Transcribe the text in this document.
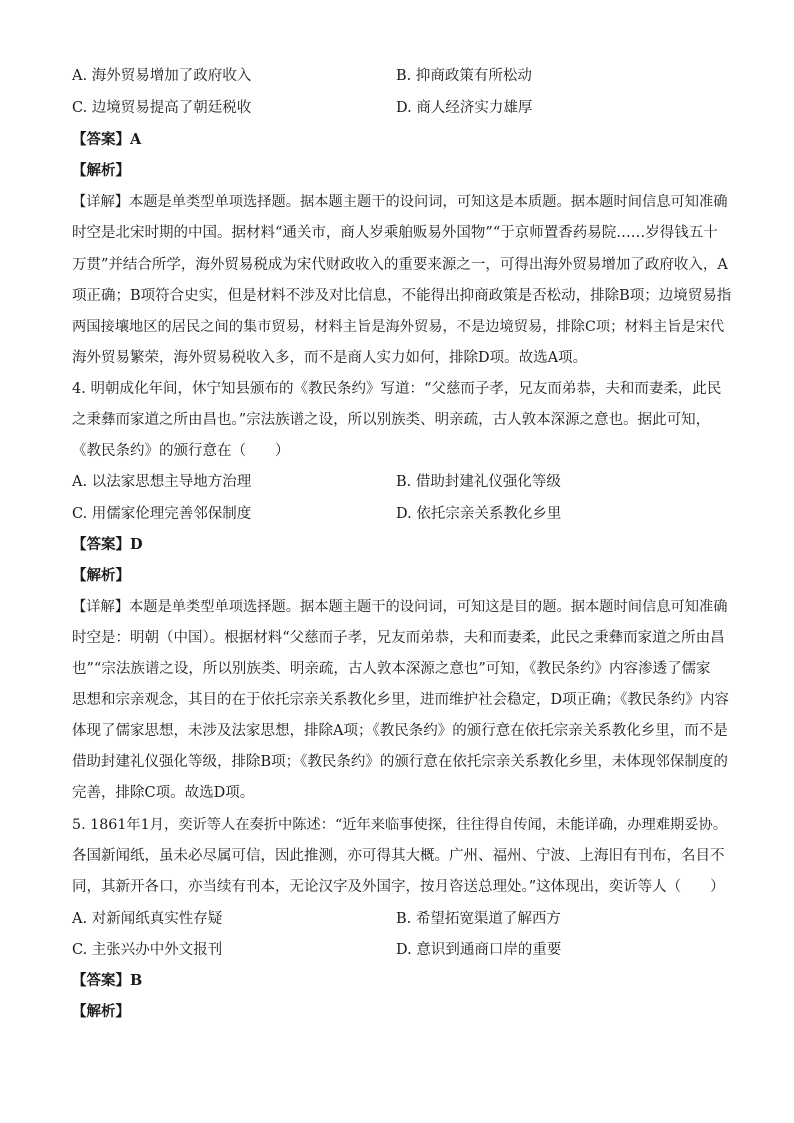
A. 海外贸易增加了政府收入	B. 抑商政策有所松动
C. 边境贸易提高了朝廷税收	D. 商人经济实力雄厚
【答案】A
【解析】
【详解】本题是单类型单项选择题。据本题主题干的设问词，可知这是本质题。据本题时间信息可知准确
时空是北宋时期的中国。据材料“通关市，商人岁乘舶贩易外国物”“于京师置香药易院……岁得钱五十
万贯”并结合所学，海外贸易税成为宋代财政收入的重要来源之一，可得出海外贸易增加了政府收入，A
项正确；B项符合史实，但是材料不涉及对比信息，不能得出抑商政策是否松动，排除B项；边境贸易指
两国接壤地区的居民之间的集市贸易，材料主旨是海外贸易，不是边境贸易，排除C项；材料主旨是宋代
海外贸易繁荣，海外贸易税收入多，而不是商人实力如何，排除D项。故选A项。
4. 明朝成化年间，休宁知县颁布的《教民条约》写道：“父慈而子孝，兄友而弟恭，夫和而妻柔，此民
之秉彝而家道之所由昌也。”宗法族谱之设，所以别族类、明亲疏，古人敦本深源之意也。据此可知，
《教民条约》的颁行意在（　　）
A. 以法家思想主导地方治理	B. 借助封建礼仪强化等级
C. 用儒家伦理完善邻保制度	D. 依托宗亲关系教化乡里
【答案】D
【解析】
【详解】本题是单类型单项选择题。据本题主题干的设问词，可知这是目的题。据本题时间信息可知准确
时空是：明朝（中国）。根据材料“父慈而子孝，兄友而弟恭，夫和而妻柔，此民之秉彝而家道之所由昌
也”“宗法族谱之设，所以别族类、明亲疏，古人敦本深源之意也”可知，《教民条约》内容渗透了儒家
思想和宗亲观念，其目的在于依托宗亲关系教化乡里，进而维护社会稳定，D项正确；《教民条约》内容
体现了儒家思想，未涉及法家思想，排除A项；《教民条约》的颁行意在依托宗亲关系教化乡里，而不是
借助封建礼仪强化等级，排除B项；《教民条约》的颁行意在依托宗亲关系教化乡里，未体现邻保制度的
完善，排除C项。故选D项。
5. 1861年1月，奕䜣等人在奏折中陈述：“近年来临事使探，往往得自传闻，未能详确，办理难期妥协。
各国新闻纸，虽未必尽属可信，因此推测，亦可得其大概。广州、福州、宁波、上海旧有刊布，名目不
同，其新开各口，亦当续有刊本，无论汉字及外国字，按月咨送总理处。”这体现出，奕䜣等人（　　）
A. 对新闻纸真实性存疑	B. 希望拓宽渠道了解西方
C. 主张兴办中外文报刊	D. 意识到通商口岸的重要
【答案】B
【解析】
